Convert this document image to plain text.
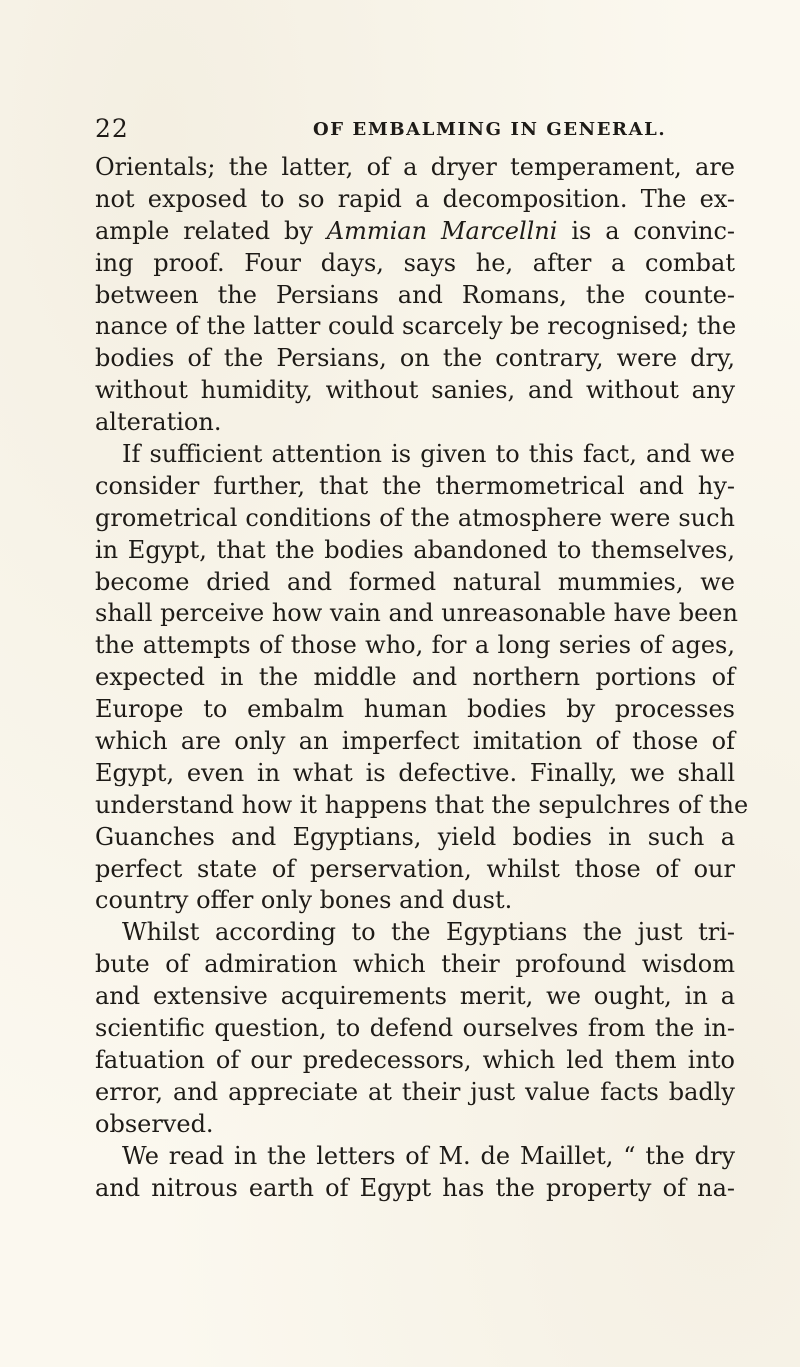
22	OF EMBALMING IN GENERAL.
Orientals; the latter, of a dryer temperament, are
not exposed to so rapid a decomposition. The ex-
ample related by Ammian Marcellni is a convinc-
ing proof. Four days, says he, after a combat
between the Persians and Romans, the counte-
nance of the latter could scarcely be recognised; the
bodies of the Persians, on the contrary, were dry,
without humidity, without sanies, and without any
alteration.
If sufficient attention is given to this fact, and we
consider further, that the thermometrical and hy-
grometrical conditions of the atmosphere were such
in Egypt, that the bodies abandoned to themselves,
become dried and formed natural mummies, we
shall perceive how vain and unreasonable have been
the attempts of those who, for a long series of ages,
expected in the middle and northern portions of
Europe to embalm human bodies by processes
which are only an imperfect imitation of those of
Egypt, even in what is defective. Finally, we shall
understand how it happens that the sepulchres of the
Guanches and Egyptians, yield bodies in such a
perfect state of perservation, whilst those of our
country offer only bones and dust.
Whilst according to the Egyptians the just tri-
bute of admiration which their profound wisdom
and extensive acquirements merit, we ought, in a
scientific question, to defend ourselves from the in-
fatuation of our predecessors, which led them into
error, and appreciate at their just value facts badly
observed.
We read in the letters of M. de Maillet, “ the dry
and nitrous earth of Egypt has the property of na-
